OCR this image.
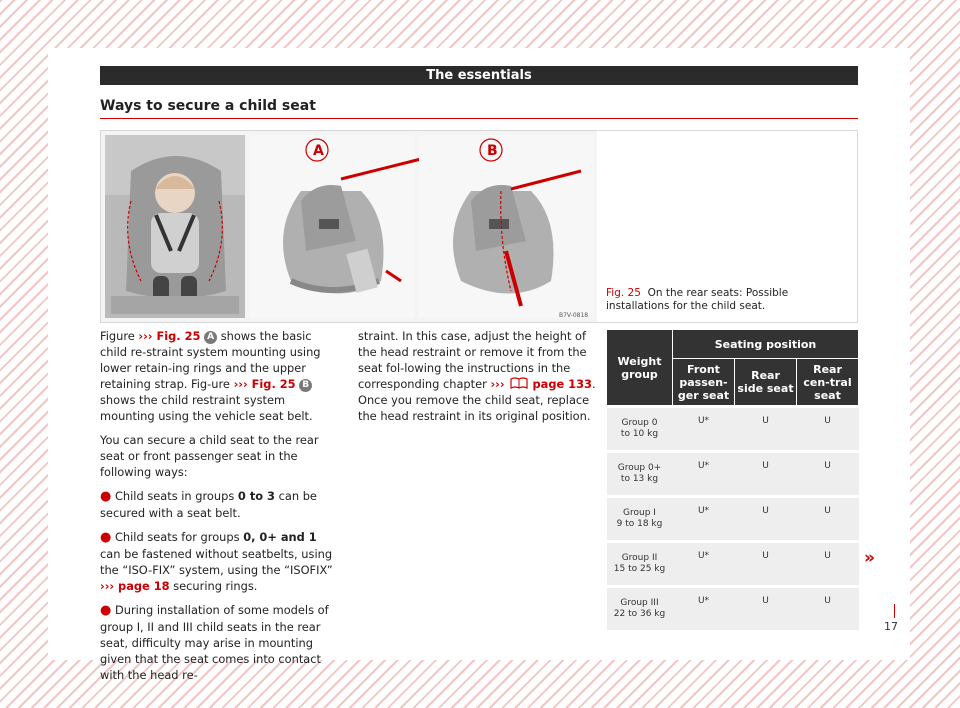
The essentials
Ways to secure a child seat
A	B
B7V-0818
Fig. 25 On the rear seats: Possible installations for the child seat.

Figure ››› Fig. 25 A shows the basic child re-straint system mounting using lower retain-ing rings and the upper retaining strap. Fig-ure ››› Fig. 25 B shows the child restraint system mounting using the vehicle seat belt.

You can secure a child seat to the rear seat or front passenger seat in the following ways:

● Child seats in groups 0 to 3 can be secured with a seat belt.

● Child seats for groups 0, 0+ and 1 can be fastened without seatbelts, using the “ISO-FIX” system, using the “ISOFIX” ››› page 18 securing rings.

● During installation of some models of group I, II and III child seats in the rear seat, difficulty may arise in mounting given that the seat comes into contact with the head re-

straint. In this case, adjust the height of the head restraint or remove it from the seat fol-lowing the instructions in the corresponding chapter ››› page 133. Once you remove the child seat, replace the head restraint in its original position.

Weight group	Seating position		
	Front passen-ger seat	Rear side seat	Rear cen-tral seat
Group 0
to 10 kg	U*	U	U
Group 0+
to 13 kg	U*	U	U
Group I
9 to 18 kg	U*	U	U
Group II
15 to 25 kg	U*	U	U
Group III
22 to 36 kg	U*	U	U
»
17
